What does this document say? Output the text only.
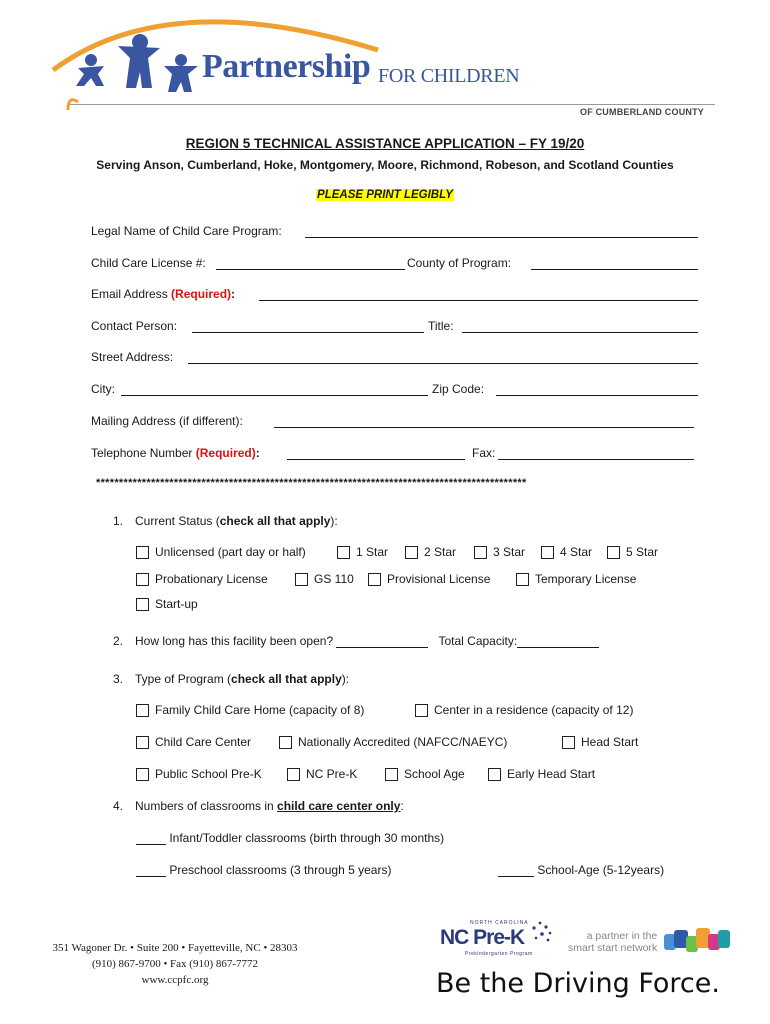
Partnership FOR CHILDREN
OF CUMBERLAND COUNTY
REGION 5 TECHNICAL ASSISTANCE APPLICATION – FY 19/20
Serving Anson, Cumberland, Hoke, Montgomery, Moore, Richmond, Robeson, and Scotland Counties
PLEASE PRINT LEGIBLY
Legal Name of Child Care Program:
Child Care License #:	County of Program:
Email Address (Required):
Contact Person:	Title:
Street Address:
City:	Zip Code:
Mailing Address (if different):
Telephone Number (Required):	Fax:
**********************************************************************************************
1. Current Status (check all that apply):
Unlicensed (part day or half)	1 Star	2 Star	3 Star	4 Star	5 Star
Probationary License	GS 110	Provisional License	Temporary License
Start-up
2. How long has this facility been open?	Total Capacity:
3. Type of Program (check all that apply):
Family Child Care Home (capacity of 8)	Center in a residence (capacity of 12)
Child Care Center	Nationally Accredited (NAFCC/NAEYC)	Head Start
Public School Pre-K	NC Pre-K	School Age	Early Head Start
4. Numbers of classrooms in child care center only:
Infant/Toddler classrooms (birth through 30 months)
Preschool classrooms (3 through 5 years)	School-Age (5-12years)
351 Wagoner Dr. • Suite 200 • Fayetteville, NC • 28303
(910) 867-9700 • Fax (910) 867-7772
www.ccpfc.org
NORTH CAROLINA
NC Pre-K
Prekindergarten Program
a partner in the
smart start network
Be the Driving Force.
